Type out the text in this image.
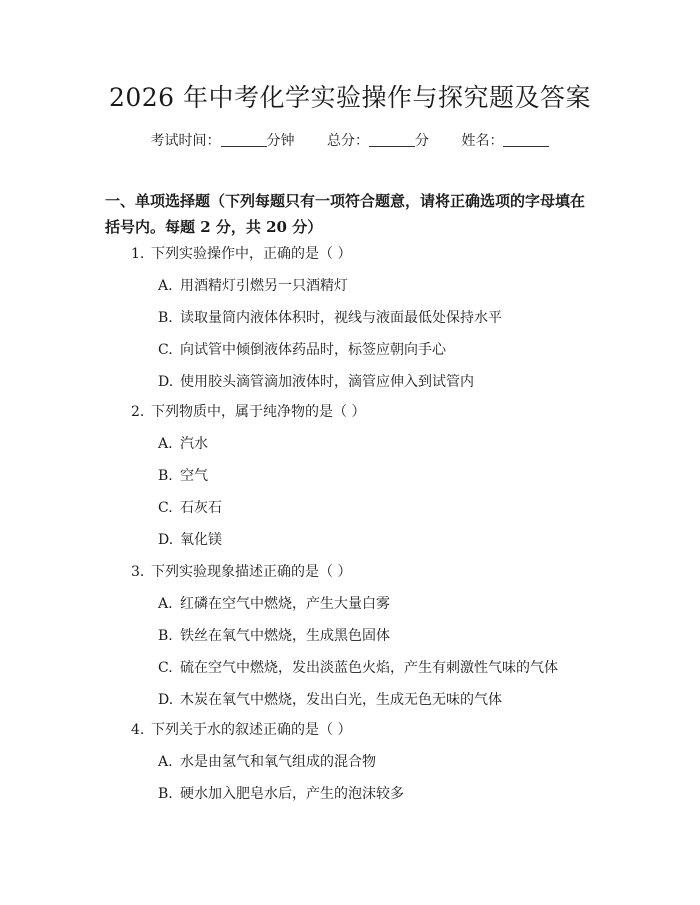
2026 年中考化学实验操作与探究题及答案
考试时间：	分钟 总分：	分 姓名：
一、单项选择题（下列每题只有一项符合题意，请将正确选项的字母填在括号内。每题 2 分，共 20 分）
1. 下列实验操作中，正确的是（ ）
A. 用酒精灯引燃另一只酒精灯
B. 读取量筒内液体体积时，视线与液面最低处保持水平
C. 向试管中倾倒液体药品时，标签应朝向手心
D. 使用胶头滴管滴加液体时，滴管应伸入到试管内
2. 下列物质中，属于纯净物的是（ ）
A. 汽水
B. 空气
C. 石灰石
D. 氧化镁
3. 下列实验现象描述正确的是（ ）
A. 红磷在空气中燃烧，产生大量白雾
B. 铁丝在氧气中燃烧，生成黑色固体
C. 硫在空气中燃烧，发出淡蓝色火焰，产生有刺激性气味的气体
D. 木炭在氧气中燃烧，发出白光，生成无色无味的气体
4. 下列关于水的叙述正确的是（ ）
A. 水是由氢气和氧气组成的混合物
B. 硬水加入肥皂水后，产生的泡沫较多
